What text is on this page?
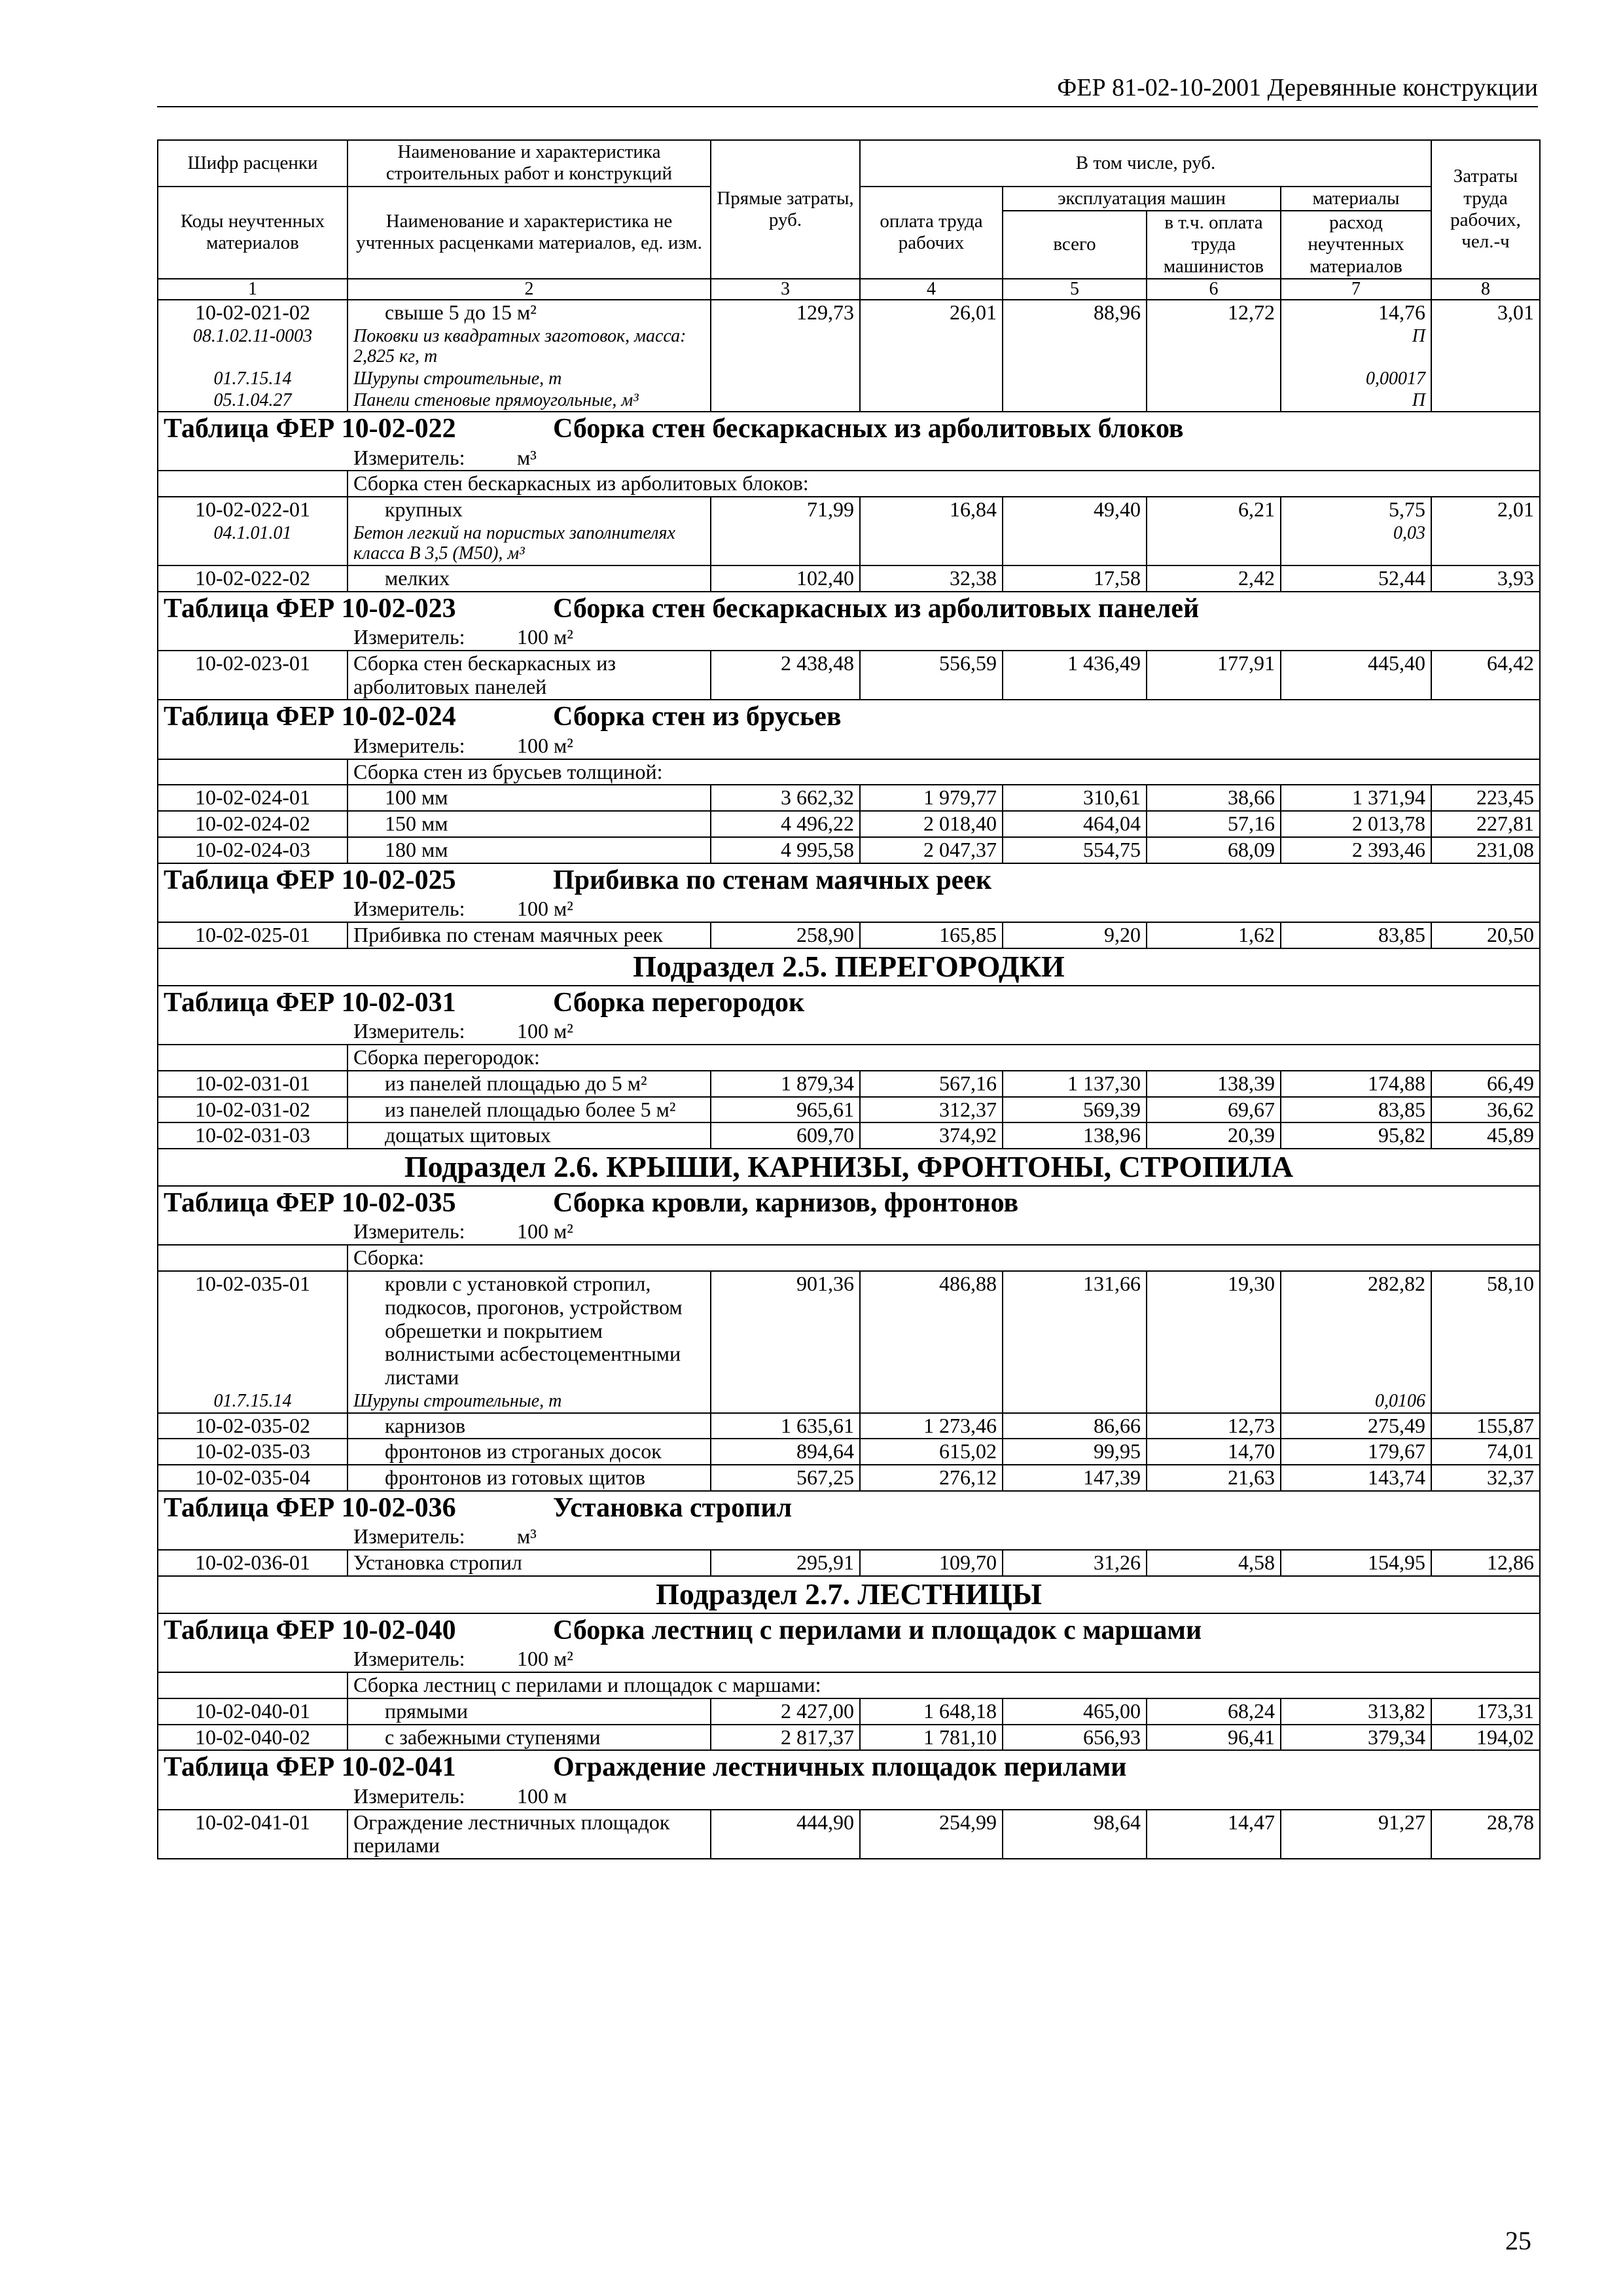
ФЕР 81-02-10-2001 Деревянные конструкции
Шифр расценки	Наименование и характеристика строительных работ и конструкций	Прямые затраты, руб.	В том числе, руб.				Затраты труда рабочих, чел.-ч
Коды неучтенных материалов	Наименование и характеристика не учтенных расценками материалов, ед. изм.		оплата труда рабочих	эксплуатация машин		материалы	
				всего	в т.ч. оплата труда машинистов	расход неучтенных материалов	
1	2	3	4	5	6	7	8
10-02-021-02	свыше 5 до 15 м²	129,73	26,01	88,96	12,72	14,76	3,01
08.1.02.11-0003	Поковки из квадратных заготовок, масса: 2,825 кг, т					П	
01.7.15.14	Шурупы строительные, т					0,00017	
05.1.04.27	Панели стеновые прямоугольные, м³					П	
Таблица ФЕР 10-02-022 Сборка стен бескаркасных из арболитовых блоков							
Измеритель: м³							
	Сборка стен бескаркасных из арболитовых блоков:						
10-02-022-01	крупных	71,99	16,84	49,40	6,21	5,75	2,01
04.1.01.01	Бетон легкий на пористых заполнителях класса В 3,5 (М50), м³					0,03	
10-02-022-02	мелких	102,40	32,38	17,58	2,42	52,44	3,93
Таблица ФЕР 10-02-023 Сборка стен бескаркасных из арболитовых панелей							
Измеритель: 100 м²							
10-02-023-01	Сборка стен бескаркасных из арболитовых панелей	2 438,48	556,59	1 436,49	177,91	445,40	64,42
Таблица ФЕР 10-02-024 Сборка стен из брусьев							
Измеритель: 100 м²							
	Сборка стен из брусьев толщиной:						
10-02-024-01	100 мм	3 662,32	1 979,77	310,61	38,66	1 371,94	223,45
10-02-024-02	150 мм	4 496,22	2 018,40	464,04	57,16	2 013,78	227,81
10-02-024-03	180 мм	4 995,58	2 047,37	554,75	68,09	2 393,46	231,08
Таблица ФЕР 10-02-025 Прибивка по стенам маячных реек							
Измеритель: 100 м²							
10-02-025-01	Прибивка по стенам маячных реек	258,90	165,85	9,20	1,62	83,85	20,50
Подраздел 2.5. ПЕРЕГОРОДКИ							
Таблица ФЕР 10-02-031 Сборка перегородок							
Измеритель: 100 м²							
	Сборка перегородок:						
10-02-031-01	из панелей площадью до 5 м²	1 879,34	567,16	1 137,30	138,39	174,88	66,49
10-02-031-02	из панелей площадью более 5 м²	965,61	312,37	569,39	69,67	83,85	36,62
10-02-031-03	дощатых щитовых	609,70	374,92	138,96	20,39	95,82	45,89
Подраздел 2.6. КРЫШИ, КАРНИЗЫ, ФРОНТОНЫ, СТРОПИЛА							
Таблица ФЕР 10-02-035 Сборка кровли, карнизов, фронтонов							
Измеритель: 100 м²							
	Сборка:						
10-02-035-01	кровли с установкой стропил, подкосов, прогонов, устройством обрешетки и покрытием волнистыми асбестоцементными листами	901,36	486,88	131,66	19,30	282,82	58,10
01.7.15.14	Шурупы строительные, т					0,0106	
10-02-035-02	карнизов	1 635,61	1 273,46	86,66	12,73	275,49	155,87
10-02-035-03	фронтонов из строганых досок	894,64	615,02	99,95	14,70	179,67	74,01
10-02-035-04	фронтонов из готовых щитов	567,25	276,12	147,39	21,63	143,74	32,37
Таблица ФЕР 10-02-036 Установка стропил							
Измеритель: м³							
10-02-036-01	Установка стропил	295,91	109,70	31,26	4,58	154,95	12,86
Подраздел 2.7. ЛЕСТНИЦЫ							
Таблица ФЕР 10-02-040 Сборка лестниц с перилами и площадок с маршами							
Измеритель: 100 м²							
	Сборка лестниц с перилами и площадок с маршами:						
10-02-040-01	прямыми	2 427,00	1 648,18	465,00	68,24	313,82	173,31
10-02-040-02	с забежными ступенями	2 817,37	1 781,10	656,93	96,41	379,34	194,02
Таблица ФЕР 10-02-041 Ограждение лестничных площадок перилами							
Измеритель: 100 м							
10-02-041-01	Ограждение лестничных площадок перилами	444,90	254,99	98,64	14,47	91,27	28,78
25
